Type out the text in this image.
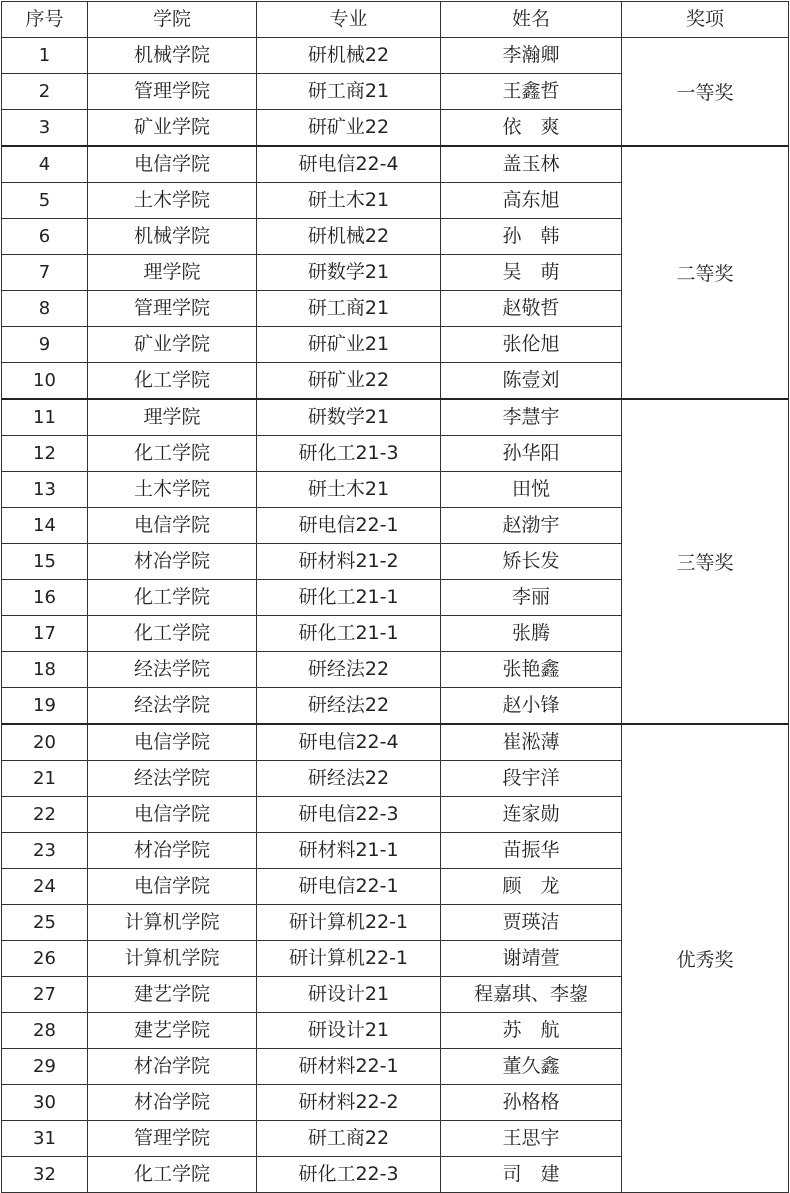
序号	学院	专业	姓名	奖项
1	机械学院	研机械22	李瀚卿	一等奖
2	管理学院	研工商21	王鑫哲	
3	矿业学院	研矿业22	依　爽	
4	电信学院	研电信22-4	盖玉林	二等奖
5	土木学院	研土木21	高东旭	
6	机械学院	研机械22	孙　韩	
7	理学院	研数学21	吴　萌	
8	管理学院	研工商21	赵敬哲	
9	矿业学院	研矿业21	张伦旭	
10	化工学院	研矿业22	陈壹刘	
11	理学院	研数学21	李慧宇	三等奖
12	化工学院	研化工21-3	孙华阳	
13	土木学院	研土木21	田悦	
14	电信学院	研电信22-1	赵渤宇	
15	材冶学院	研材料21-2	矫长发	
16	化工学院	研化工21-1	李丽	
17	化工学院	研化工21-1	张腾	
18	经法学院	研经法22	张艳鑫	
19	经法学院	研经法22	赵小锋	
20	电信学院	研电信22-4	崔淞薄	优秀奖
21	经法学院	研经法22	段宇洋	
22	电信学院	研电信22-3	连家勋	
23	材冶学院	研材料21-1	苗振华	
24	电信学院	研电信22-1	顾　龙	
25	计算机学院	研计算机22-1	贾瑛洁	
26	计算机学院	研计算机22-1	谢靖萱	
27	建艺学院	研设计21	程嘉琪、李鋆	
28	建艺学院	研设计21	苏　航	
29	材冶学院	研材料22-1	董久鑫	
30	材冶学院	研材料22-2	孙格格	
31	管理学院	研工商22	王思宇	
32	化工学院	研化工22-3	司　建	
